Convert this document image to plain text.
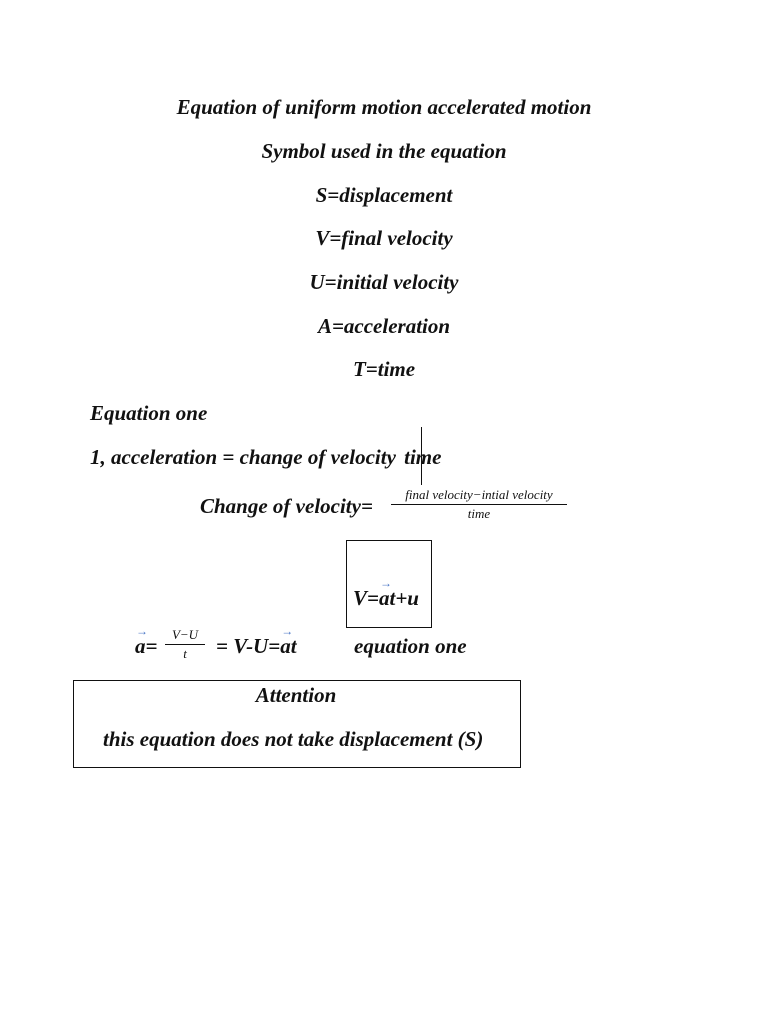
Equation of uniform motion accelerated motion
Symbol used in the equation
S=displacement
V=final velocity
U=initial velocity
A=acceleration
T=time
Equation one
1, acceleration = change of velocity time
Change of velocity=	final velocity−intial velocity
time
V=
→
at+u
→
$a= \frac{V-U}{t} = V-U=$
→
at	equation one
Attention
this equation does not take displacement (S)
